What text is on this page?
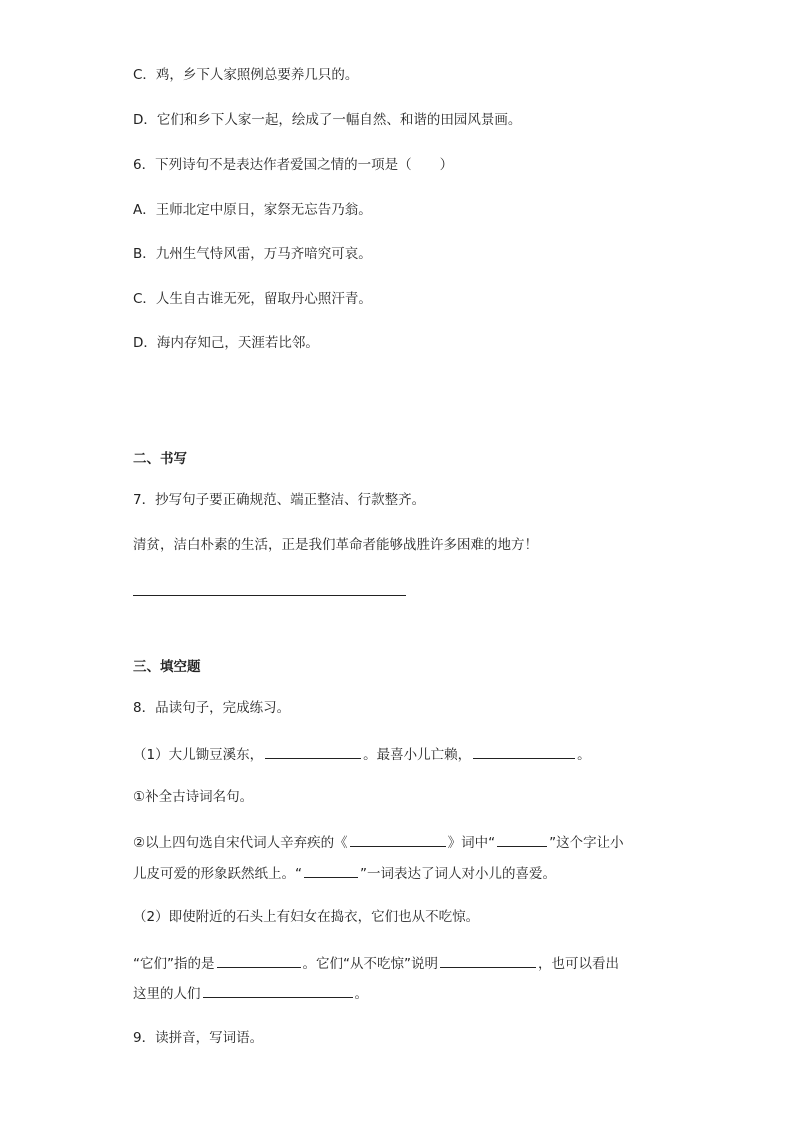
C．鸡，乡下人家照例总要养几只的。
D．它们和乡下人家一起，绘成了一幅自然、和谐的田园风景画。
6．下列诗句不是表达作者爱国之情的一项是（ ）
A．王师北定中原日，家祭无忘告乃翁。
B．九州生气恃风雷，万马齐喑究可哀。
C．人生自古谁无死，留取丹心照汗青。
D．海内存知己，天涯若比邻。
二、书写
7．抄写句子要正确规范、端正整洁、行款整齐。
清贫，洁白朴素的生活，正是我们革命者能够战胜许多困难的地方！
三、填空题
8．品读句子，完成练习。
（1）大儿锄豆溪东，	。最喜小儿亡赖，	。
①补全古诗词名句。
②以上四句选自宋代词人辛弃疾的《	》词中“	”这个字让小
儿皮可爱的形象跃然纸上。“	”一词表达了词人对小儿的喜爱。
（2）即使附近的石头上有妇女在捣衣，它们也从不吃惊。
“它们”指的是	。它们“从不吃惊”说明	，也可以看出
这里的人们	。
9．读拼音，写词语。
